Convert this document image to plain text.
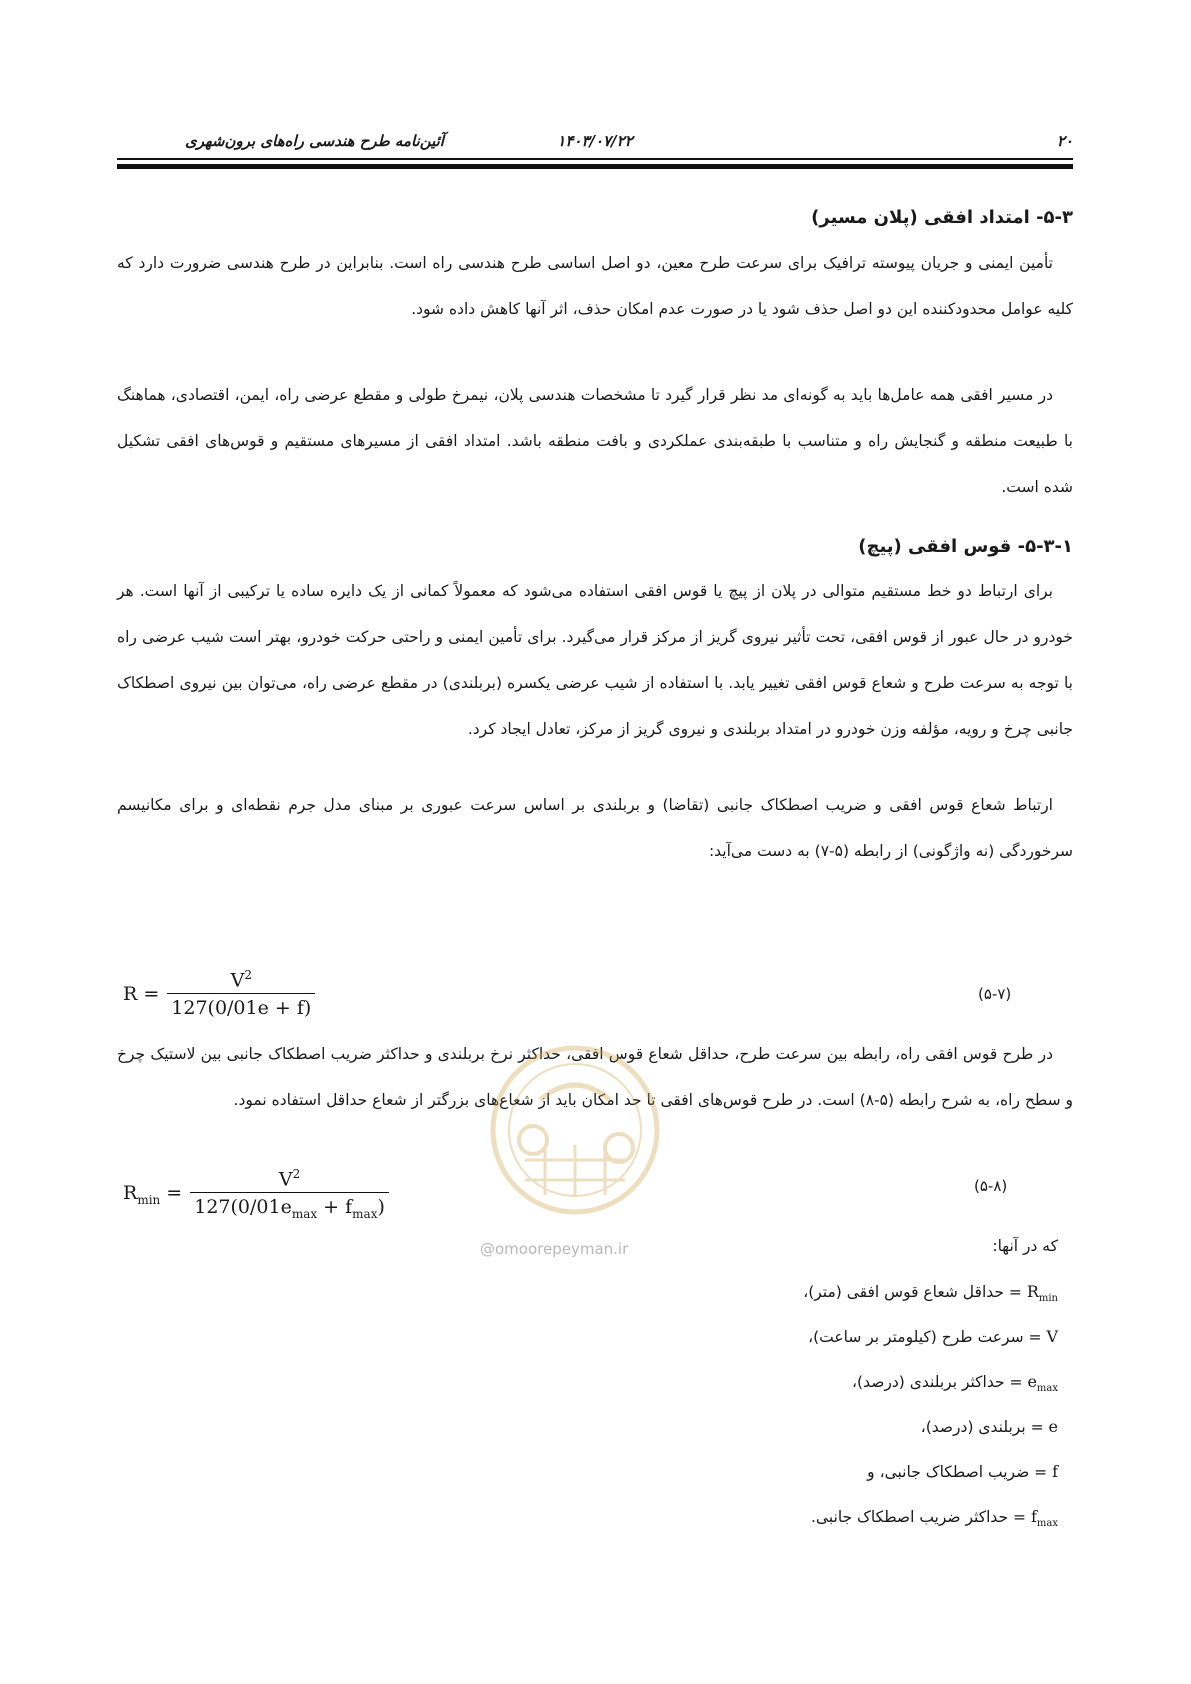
آئین‌نامه طرح هندسی راه‌های برون‌شهری	۱۴۰۳/۰۷/۲۲	۲۰
۵-۳- امتداد افقی (پلان مسیر)
تأمین ایمنی و جریان پیوسته ترافیک برای سرعت طرح معین، دو اصل اساسی طرح هندسی راه است. بنابراین در طرح هندسی ضرورت دارد که کلیه عوامل محدودکننده این دو اصل حذف شود یا در صورت عدم امکان حذف، اثر آنها کاهش داده شود.
در مسیر افقی همه عامل‌ها باید به گونه‌ای مد نظر قرار گیرد تا مشخصات هندسی پلان، نیمرخ طولی و مقطع عرضی راه، ایمن، اقتصادی، هماهنگ با طبیعت منطقه و گنجایش راه و متناسب با طبقه‌بندی عملکردی و بافت منطقه باشد. امتداد افقی از مسیرهای مستقیم و قوس‌های افقی تشکیل شده است.
۵-۳-۱- قوس افقی (پیچ)
برای ارتباط دو خط مستقیم متوالی در پلان از پیچ یا قوس افقی استفاده می‌شود که معمولاً کمانی از یک دایره ساده یا ترکیبی از آنها است. هر خودرو در حال عبور از قوس افقی، تحت تأثیر نیروی گریز از مرکز قرار می‌گیرد. برای تأمین ایمنی و راحتی حرکت خودرو، بهتر است شیب عرضی راه با توجه به سرعت طرح و شعاع قوس افقی تغییر یابد. با استفاده از شیب عرضی یکسره (بربلندی) در مقطع عرضی راه، می‌توان بین نیروی اصطکاک جانبی چرخ و رویه، مؤلفه وزن خودرو در امتداد بربلندی و نیروی گریز از مرکز، تعادل ایجاد کرد.
ارتباط شعاع قوس افقی و ضریب اصطکاک جانبی (تقاضا) و بربلندی بر اساس سرعت عبوری بر مبنای مدل جرم نقطه‌ای و برای مکانیسم سرخوردگی (نه واژگونی) از رابطه (۵-۷) به دست می‌آید:
$R = \frac{V^2}{127(0/01e + f)}$	(۵-۷)
در طرح قوس افقی راه، رابطه بین سرعت طرح، حداقل شعاع قوس افقی، حداکثر نرخ بربلندی و حداکثر ضریب اصطکاک جانبی بین لاستیک چرخ و سطح راه، به شرح رابطه (۵-۸) است. در طرح قوس‌های افقی تا حد امکان باید از شعاع‌های بزرگتر از شعاع حداقل استفاده نمود.
$R_{min} = \frac{V^2}{127(0/01e_{max} + f_{max})}$	(۵-۸)
@omoorepeyman.ir	که در آنها:
$R_{min}$ = حداقل شعاع قوس افقی (متر)،
V = سرعت طرح (کیلومتر بر ساعت)،
$e_{max}$ = حداکثر بربلندی (درصد)،
e = بربلندی (درصد)،
f = ضریب اصطکاک جانبی، و
$f_{max}$ = حداکثر ضریب اصطکاک جانبی.
